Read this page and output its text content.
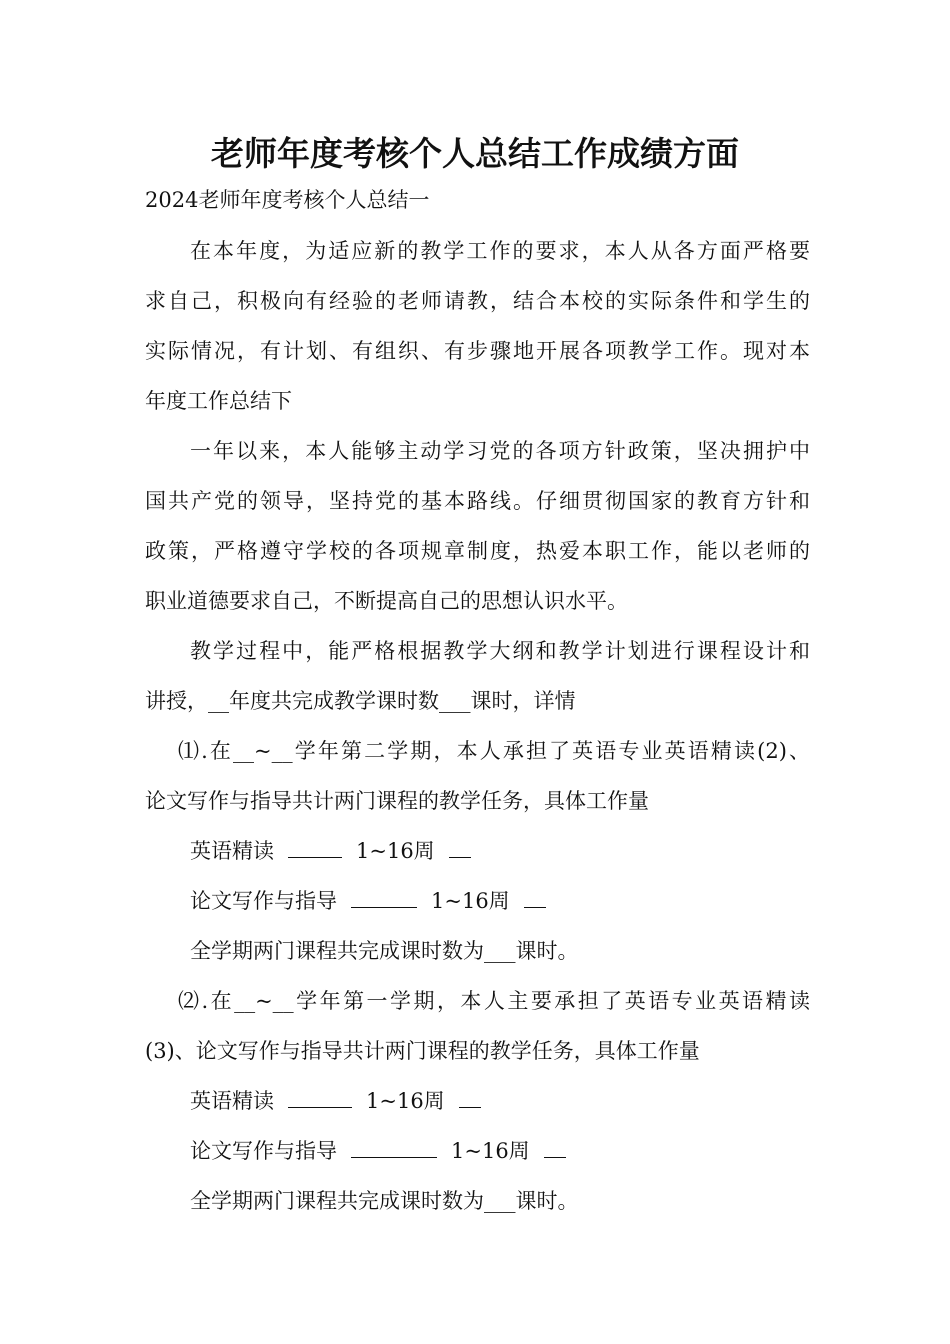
老师年度考核个人总结工作成绩方面

2024老师年度考核个人总结一

在本年度，为适应新的教学工作的要求，本人从各方面严格要

求自己，积极向有经验的老师请教，结合本校的实际条件和学生的

实际情况，有计划、有组织、有步骤地开展各项教学工作。现对本

年度工作总结下

一年以来，本人能够主动学习党的各项方针政策，坚决拥护中

国共产党的领导，坚持党的基本路线。仔细贯彻国家的教育方针和

政策，严格遵守学校的各项规章制度，热爱本职工作，能以老师的

职业道德要求自己，不断提高自己的思想认识水平。

教学过程中，能严格根据教学大纲和教学计划进行课程设计和

讲授，__年度共完成教学课时数___课时，详情

⑴.在__~__学年第二学期，本人承担了英语专业英语精读(2)、

论文写作与指导共计两门课程的教学任务，具体工作量

英语精读	1~16周

论文写作与指导	1~16周

全学期两门课程共完成课时数为___课时。

⑵.在__~__学年第一学期，本人主要承担了英语专业英语精读

(3)、论文写作与指导共计两门课程的教学任务，具体工作量

英语精读	1~16周

论文写作与指导	1~16周

全学期两门课程共完成课时数为___课时。
